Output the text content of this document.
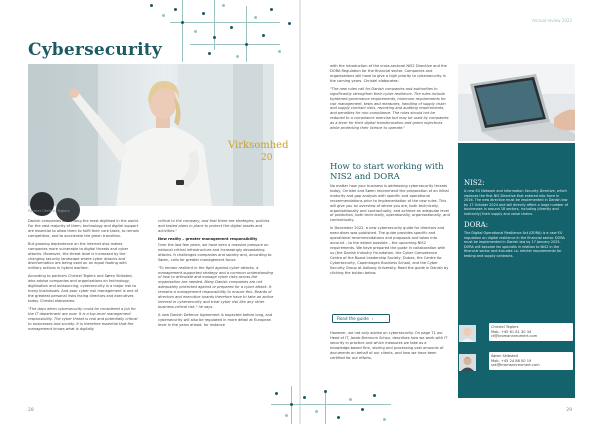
Cybersecurity
Virksomhed
20
Partner Christel Teglers

Danish companies are among the most digitised in the world. For the vast majority of them, technology and digital support are essential to allow them to fulfil their core tasks, to remain competitive, and to accelerate the green transition.

But growing dependence on the internet also makes companies more vulnerable to digital threats and cyber attacks. Moreover, the threat level is increased by the changing security landscape where cyber attacks and disinformation are being used on an equal footing with military actions in hybrid warfare.

According to partners Christel Teglers and Søren Skibsted, who advise companies and organisations on technology, digitisation and outsourcing, cybersecurity is a major risk to many businesses. And poor cyber risk management is one of the greatest personal risks facing directors and executives today. Christel elaborates:

"The days when cybersecurity could be considered a job for the IT department are over. It is a top-level management responsibility. The cyber threat is real and potentially critical to businesses and society. It is therefore essential that the management knows what is digitally

critical to the company, and that there are strategies, policies and tested plans in place to protect the digital assets and activities."

New reality – greater management responsibility

Over the last few years, we have seen a massive pressure on national critical infrastructure and increasingly devastating attacks. It challenges companies and society and, according to Søren, calls for greater management focus:

"To remain resilient in the fight against cyber attacks, a management-supported strategy and a common understanding of how to articulate and manage cyber risks across the organisation are needed. Many Danish companies are not adequately protected against or prepared for a cyber attack. It remains a management responsibility to ensure this. Boards of directors and executive boards therefore have to take an active interest in cybersecurity and treat cyber risk like any other business-critical risk," he says.

A new Danish Defence Agreement is expected before long, and cybersecurity will also be regulated in more detail at European level in the years ahead, for instance

28
Annual review 2022

with the introduction of the cross-sectoral NIS2 Directive and the DORA Regulation for the financial sector. Companies and organisations will have to give a high priority to cybersecurity in the coming years. Christel elaborates:

"The new rules call for Danish companies and authorities to significantly strengthen their cyber resilience. The rules include tightened governance requirements, minimum requirements for risk management, tests and measures, handling of supply chain and supply contract risks, reporting and auditing requirements, and penalties for non-compliance. The rules should not be reduced to a compliance exercise but may be used by companies as a lever for their digital transformation and green objectives while protecting their licence to operate."

How to start working with NIS2 and DORA

No matter how your business is addressing cybersecurity threats today, Christel and Søren recommend the preparation of an initial maturity and gap analysis with specific and operational recommendations prior to implementation of the new rules. This will give you an overview of where you are, both technically, organisationally and contractually, and achieve an adequate level of protection, both technically, operationally, organisationally, and contractually.

In December 2022, a new cybersecurity guide for directors and executives was published. The guide provides specific and operational recommendations and proposals and takes into account – to the extent possible – the upcoming NIS2 requirements. We have prepared the guide in collaboration with us (the Danish Industry Foundation, the Cyber Competence Centre of the Board Leadership Society, Dubex, the Centre for Cybersecurity, Copenhagen Business School, and the Cyber Security Group at Aalborg University. Read the guide in Danish by clicking the button below.

Read the guide ›

However, we not only advise on cybersecurity. On page 71 our Head of IT, Jacob Brennum Schou, describes how we work with IT security in practice and which measures we take as a knowledge-based firm, storing and processing vast amounts of documents on behalf of our clients, and how we have been certified for our efforts.

NIS2:

A new EU Network and Information Security Directive, which replaces the first NIS Directive that entered into force in 2016. The new directive must be implemented in Danish law by 17 October 2024 and will directly affect a large number of businesses in around 18 sectors, including (directly and indirectly) their supply and value chains.

DORA:

The Digital Operational Resilience Act (DORA) is a new EU regulation on digital resilience in the financial sector. DORA must be implemented in Danish law by 17 January 2025. DORA will become lex specialis in relation to NIS2 in the financial sector and includes i.a. stricter requirements for testing and supply contracts.

Christel Teglers
Mob. +45 61 61 30 34
ct@kromannreumert.com
Søren Skibsted
Mob. +45 24 86 00 19
ssk@kromannreumert.com
29
